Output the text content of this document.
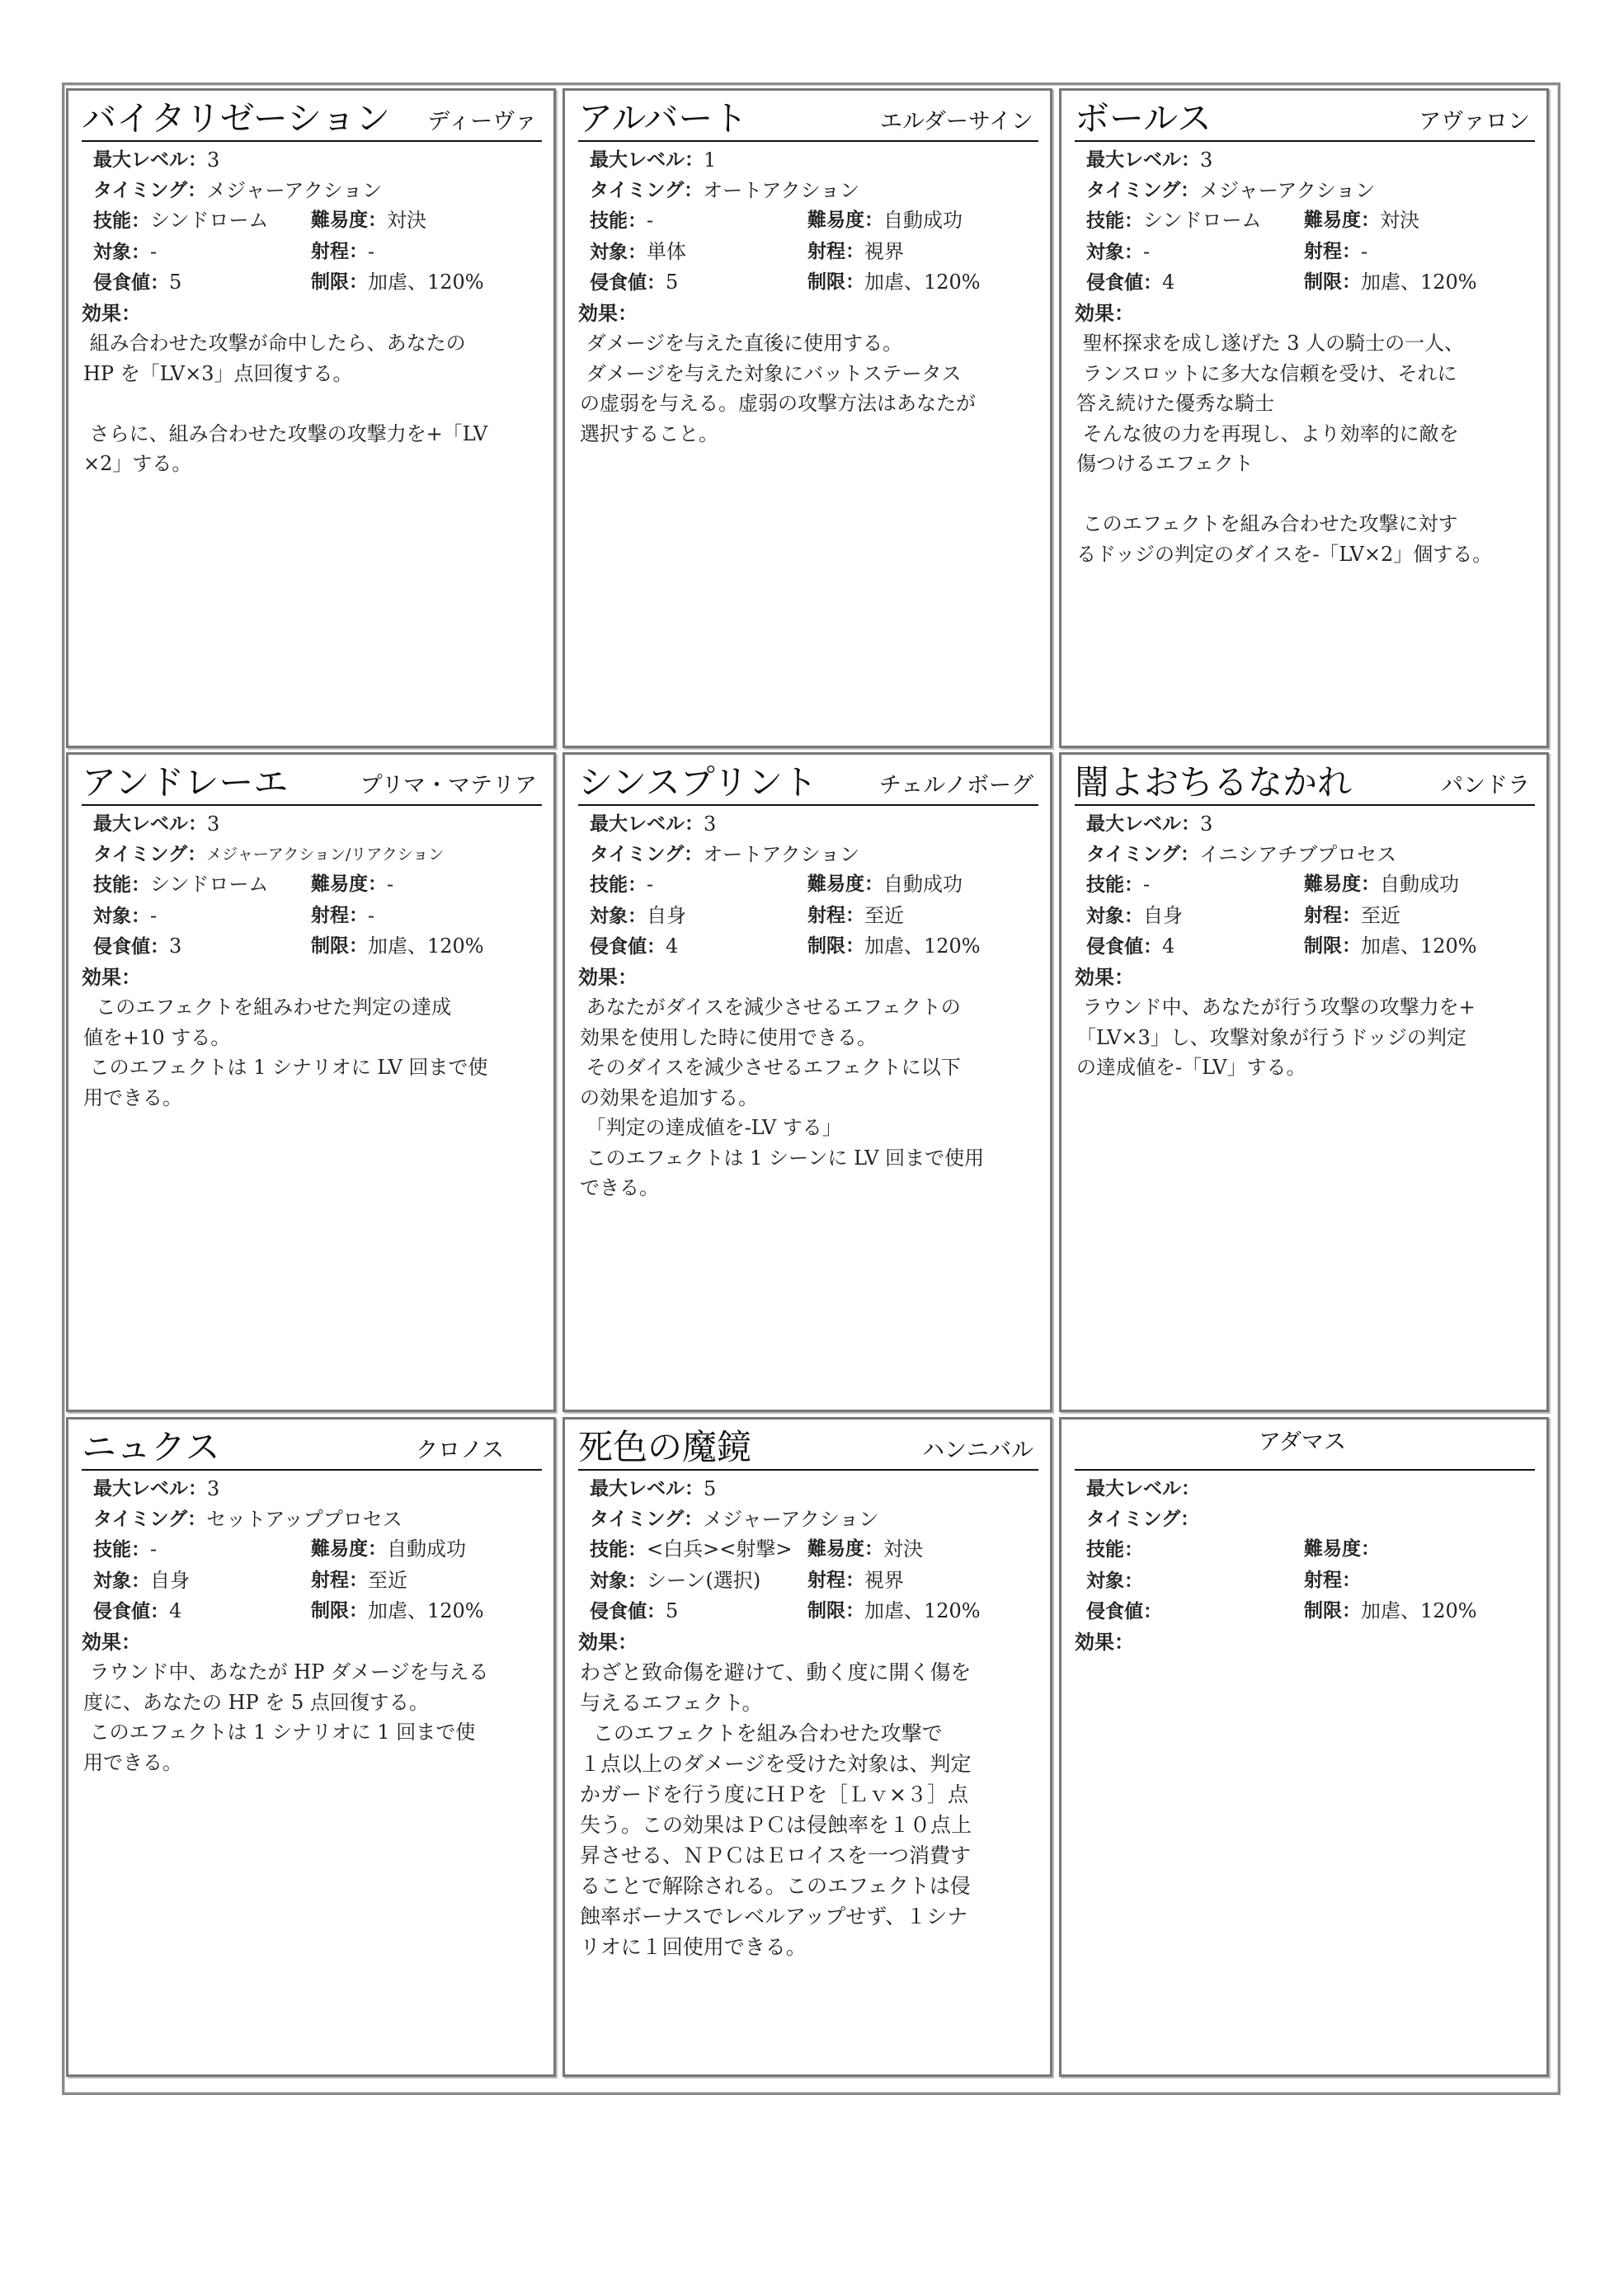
バイタリゼーション ディーヴァ
最大レベル： 3
タイミング： メジャーアクション
技能：シンドローム	難易度： 対決
対象：-	射程： -
侵食値：5	制限： 加虐、120%
効果：

組み合わせた攻撃が命中したら、あなたの
HP を「LV×3」点回復する。

さらに、組み合わせた攻撃の攻撃力を+「LV
×2」する。

アルバート	エルダーサイン
最大レベル： 1
タイミング： オートアクション
技能：-	難易度： 自動成功
対象：単体	射程： 視界
侵食値：5	制限： 加虐、120%
効果：

ダメージを与えた直後に使用する。
ダメージを与えた対象にバットステータス
の虚弱を与える。虚弱の攻撃方法はあなたが
選択すること。

ボールス	アヴァロン
最大レベル： 3
タイミング： メジャーアクション
技能：シンドローム	難易度： 対決
対象：-	射程： -
侵食値：4	制限： 加虐、120%
効果：

聖杯探求を成し遂げた 3 人の騎士の一人、
ランスロットに多大な信頼を受け、それに
答え続けた優秀な騎士
そんな彼の力を再現し、より効率的に敵を
傷つけるエフェクト

このエフェクトを組み合わせた攻撃に対す
るドッジの判定のダイスを-「LV×2」個する。

アンドレーエ	プリマ・マテリア
最大レベル： 3
タイミング： メジャーアクション/リアクション
技能：シンドローム	難易度： -
対象：-	射程： -
侵食値：3	制限： 加虐、120%
効果：

このエフェクトを組みわせた判定の達成
値を+10 する。
このエフェクトは 1 シナリオに LV 回まで使
用できる。

シンスプリント	チェルノボーグ
最大レベル： 3
タイミング： オートアクション
技能：-	難易度： 自動成功
対象：自身	射程： 至近
侵食値：4	制限： 加虐、120%
効果：

あなたがダイスを減少させるエフェクトの
効果を使用した時に使用できる。
そのダイスを減少させるエフェクトに以下
の効果を追加する。
「判定の達成値を-LV する」
このエフェクトは 1 シーンに LV 回まで使用
できる。

闇よおちるなかれ	パンドラ
最大レベル： 3
タイミング： イニシアチブプロセス
技能：-	難易度： 自動成功
対象：自身	射程： 至近
侵食値：4	制限： 加虐、120%
効果：

ラウンド中、あなたが行う攻撃の攻撃力を+
「LV×3」し、攻撃対象が行うドッジの判定
の達成値を-「LV」する。

ニュクス	クロノス
最大レベル： 3
タイミング： セットアッププロセス
技能：-	難易度： 自動成功
対象：自身	射程： 至近
侵食値：4	制限： 加虐、120%
効果：

ラウンド中、あなたが HP ダメージを与える
度に、あなたの HP を 5 点回復する。
このエフェクトは 1 シナリオに 1 回まで使
用できる。

死色の魔鏡	ハンニバル
最大レベル： 5
タイミング： メジャーアクション
技能：<白兵><射撃> 難易度： 対決
対象：シーン(選択)	射程： 視界
侵食値：5	制限： 加虐、120%
効果：

わざと致命傷を避けて、動く度に開く傷を
与えるエフェクト。
このエフェクトを組み合わせた攻撃で
１点以上のダメージを受けた対象は、判定
かガードを行う度にＨＰを［Ｌｖ×３］点
失う。この効果はＰＣは侵蝕率を１０点上
昇させる、ＮＰＣはＥロイスを一つ消費す
ることで解除される。このエフェクトは侵
蝕率ボーナスでレベルアップせず、１シナ
リオに１回使用できる。

アダマス
最大レベル：
タイミング：
技能：	難易度：
対象：	射程：
侵食値：	制限： 加虐、120%
効果：
